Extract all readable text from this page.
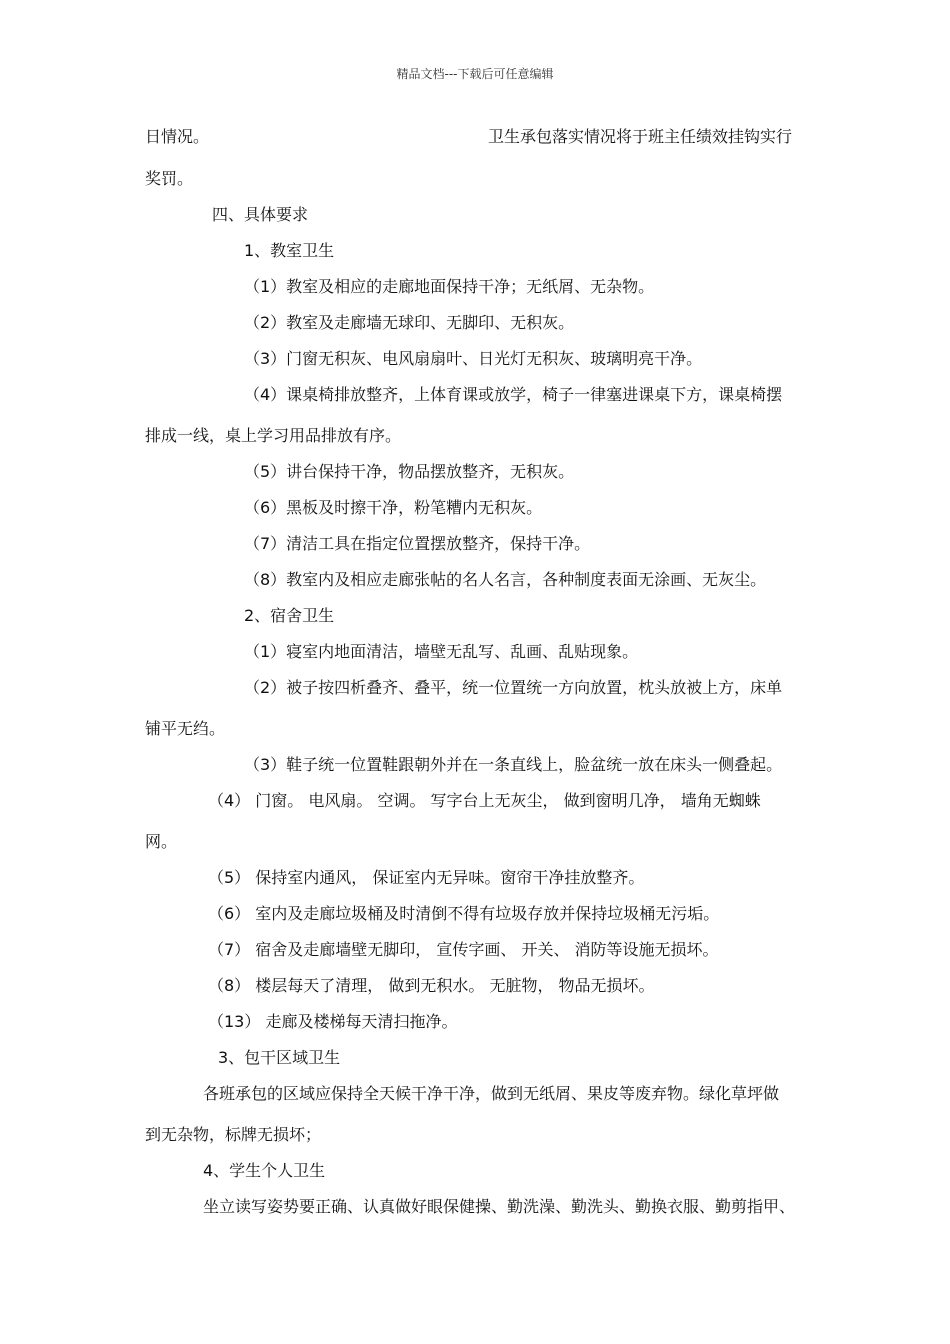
精品文档---下载后可任意编辑
日情况。	卫生承包落实情况将于班主任绩效挂钩实行
奖罚。
四、具体要求
1、教室卫生
（1）教室及相应的走廊地面保持干净；无纸屑、无杂物。
（2）教室及走廊墙无球印、无脚印、无积灰。
（3）门窗无积灰、电风扇扇叶、日光灯无积灰、玻璃明亮干净。
（4）课桌椅排放整齐，上体育课或放学，椅子一律塞进课桌下方，课桌椅摆
排成一线，桌上学习用品排放有序。
（5）讲台保持干净，物品摆放整齐，无积灰。
（6）黑板及时擦干净，粉笔糟内无积灰。
（7）清洁工具在指定位置摆放整齐，保持干净。
（8）教室内及相应走廊张帖的名人名言，各种制度表面无涂画、无灰尘。
2、宿舍卫生
（1）寝室内地面清洁，墙壁无乱写、乱画、乱贴现象。
（2）被子按四析叠齐、叠平，统一位置统一方向放置，枕头放被上方，床单
铺平无绉。
（3）鞋子统一位置鞋跟朝外并在一条直线上，脸盆统一放在床头一侧叠起。
（4） 门窗。 电风扇。 空调。 写字台上无灰尘， 做到窗明几净， 墙角无蜘蛛
网。
（5） 保持室内通风， 保证室内无异味。窗帘干净挂放整齐。
（6） 室内及走廊垃圾桶及时清倒不得有垃圾存放并保持垃圾桶无污垢。
（7） 宿舍及走廊墙壁无脚印， 宣传字画、 开关、 消防等设施无损坏。
（8） 楼层每天了清理， 做到无积水。 无脏物， 物品无损坏。
（13） 走廊及楼梯每天清扫拖净。
3、包干区域卫生
各班承包的区域应保持全天候干净干净，做到无纸屑、果皮等废弃物。绿化草坪做
到无杂物，标牌无损坏；
4、学生个人卫生
坐立读写姿势要正确、认真做好眼保健操、勤洗澡、勤洗头、勤换衣服、勤剪指甲、
